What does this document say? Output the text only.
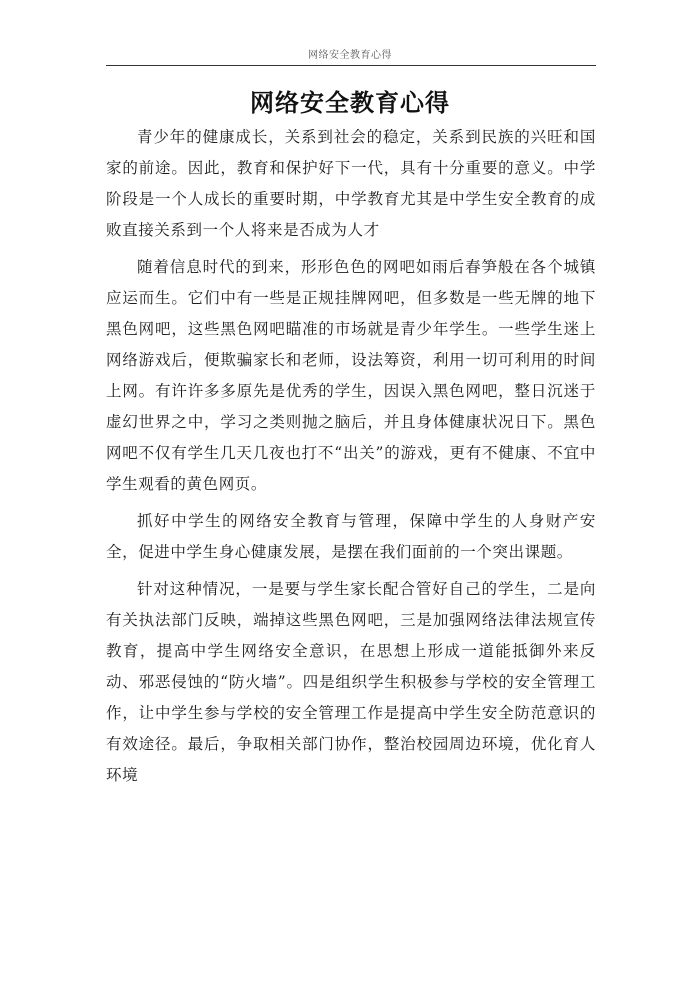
网络安全教育心得
网络安全教育心得

青少年的健康成长，关系到社会的稳定，关系到民族的兴旺和国家的前途。因此，教育和保护好下一代，具有十分重要的意义。中学阶段是一个人成长的重要时期，中学教育尤其是中学生安全教育的成败直接关系到一个人将来是否成为人才

随着信息时代的到来，形形色色的网吧如雨后春笋般在各个城镇应运而生。它们中有一些是正规挂牌网吧，但多数是一些无牌的地下黑色网吧，这些黑色网吧瞄准的市场就是青少年学生。一些学生迷上网络游戏后，便欺骗家长和老师，设法筹资，利用一切可利用的时间上网。有许许多多原先是优秀的学生，因误入黑色网吧，整日沉迷于虚幻世界之中，学习之类则抛之脑后，并且身体健康状况日下。黑色网吧不仅有学生几天几夜也打不“出关”的游戏，更有不健康、不宜中学生观看的黄色网页。

抓好中学生的网络安全教育与管理，保障中学生的人身财产安全，促进中学生身心健康发展，是摆在我们面前的一个突出课题。

针对这种情况，一是要与学生家长配合管好自己的学生，二是向有关执法部门反映，端掉这些黑色网吧，三是加强网络法律法规宣传教育，提高中学生网络安全意识，在思想上形成一道能抵御外来反动、邪恶侵蚀的“防火墙”。四是组织学生积极参与学校的安全管理工作，让中学生参与学校的安全管理工作是提高中学生安全防范意识的有效途径。最后，争取相关部门协作，整治校园周边环境，优化育人环境
